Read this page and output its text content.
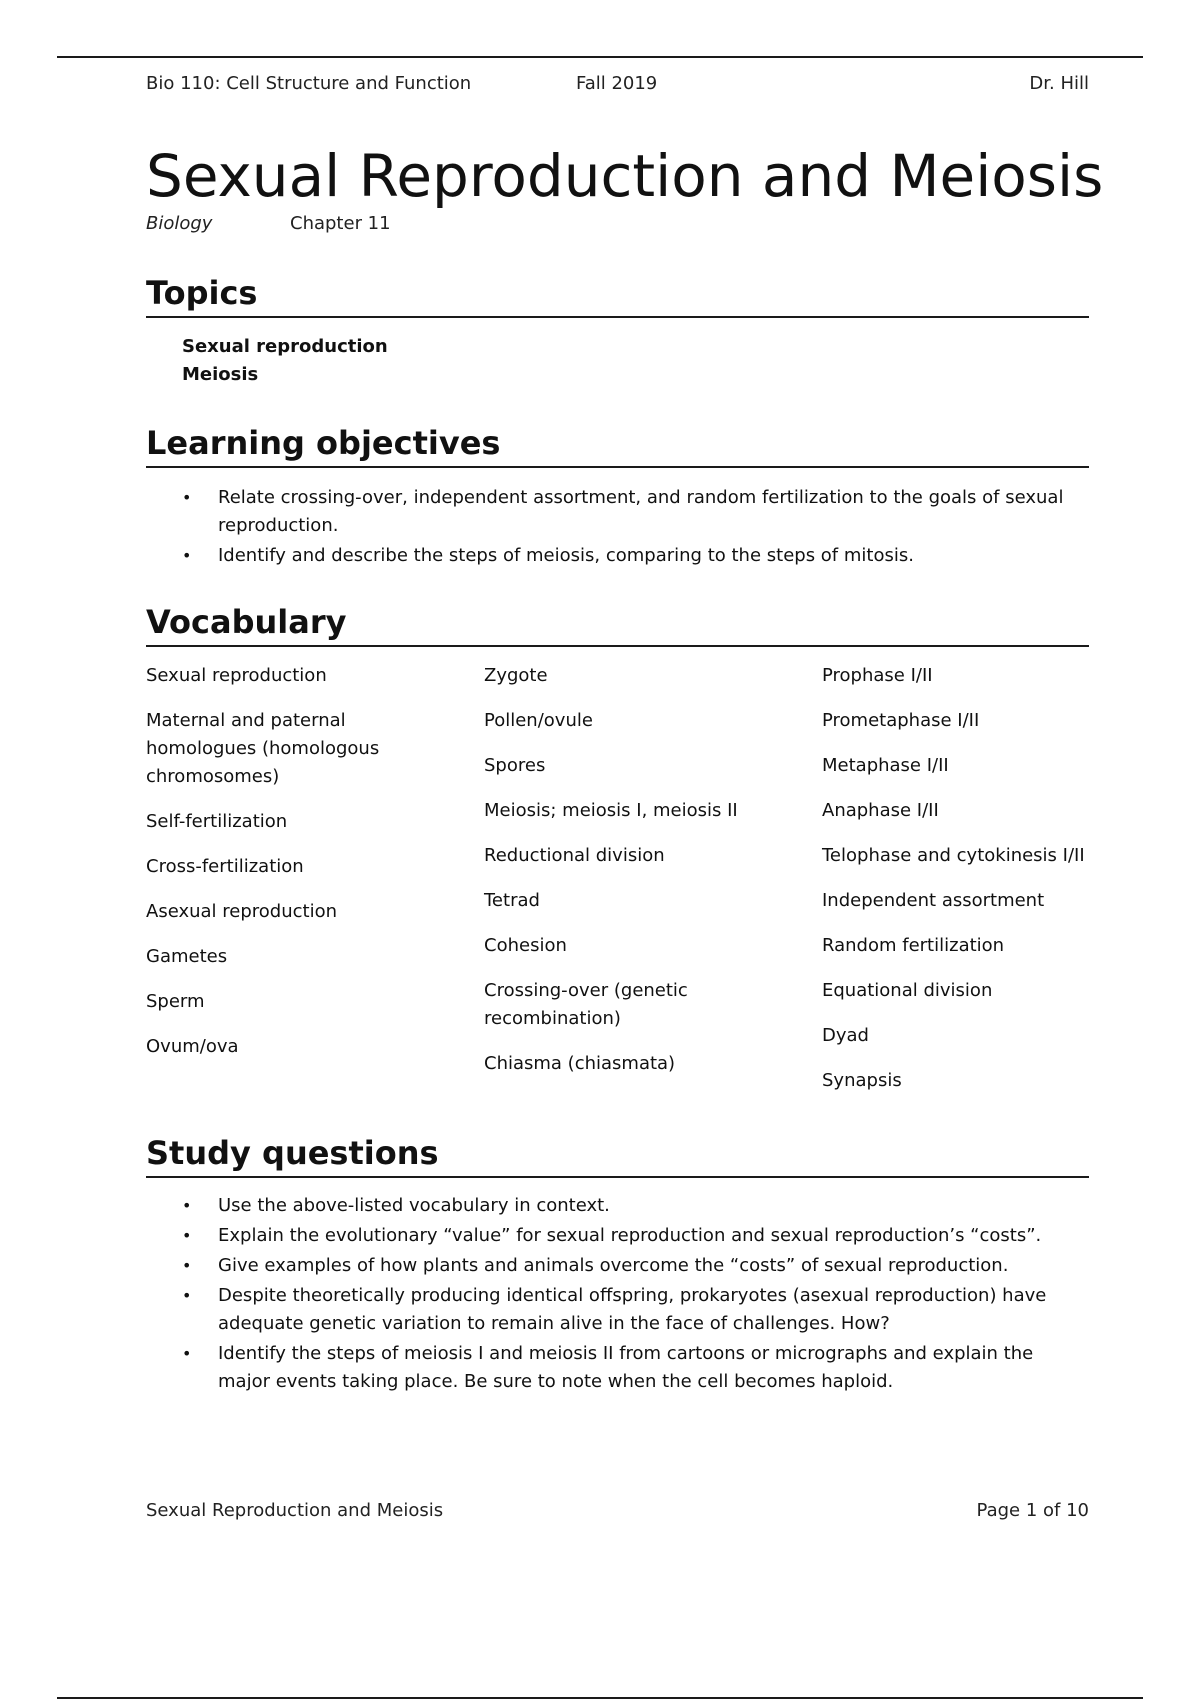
Bio 110: Cell Structure and Function	Fall 2019	Dr. Hill
Sexual Reproduction and Meiosis
Biology	Chapter 11
Topics
Sexual reproduction
Meiosis
Learning objectives
• Relate crossing-over, independent assortment, and random fertilization to the goals of sexual reproduction.
• Identify and describe the steps of meiosis, comparing to the steps of mitosis.
Vocabulary
Sexual reproduction
Maternal and paternal homologues (homologous chromosomes)
Self-fertilization
Cross-fertilization
Asexual reproduction
Gametes
Sperm
Ovum/ova
Zygote
Pollen/ovule
Spores
Meiosis; meiosis I, meiosis II
Reductional division
Tetrad
Cohesion
Crossing-over (genetic recombination)
Chiasma (chiasmata)
Prophase I/II
Prometaphase I/II
Metaphase I/II
Anaphase I/II
Telophase and cytokinesis I/II
Independent assortment
Random fertilization
Equational division
Dyad
Synapsis
Study questions
• Use the above-listed vocabulary in context.
• Explain the evolutionary “value” for sexual reproduction and sexual reproduction’s “costs”.
• Give examples of how plants and animals overcome the “costs” of sexual reproduction.
• Despite theoretically producing identical offspring, prokaryotes (asexual reproduction) have adequate genetic variation to remain alive in the face of challenges. How?
• Identify the steps of meiosis I and meiosis II from cartoons or micrographs and explain the major events taking place. Be sure to note when the cell becomes haploid.
Sexual Reproduction and Meiosis	Page 1 of 10
